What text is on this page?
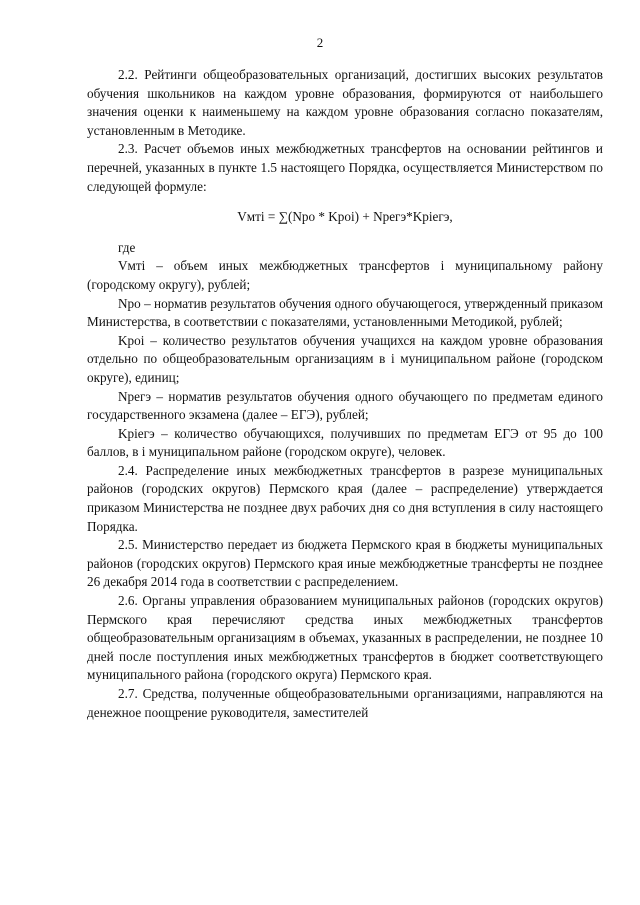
2

2.2. Рейтинги общеобразовательных организаций, достигших высоких результатов обучения школьников на каждом уровне образования, формируются от наибольшего значения оценки к наименьшему на каждом уровне образования согласно показателям, установленным в Методике.

2.3. Расчет объемов иных межбюджетных трансфертов на основании рейтингов и перечней, указанных в пункте 1.5 настоящего Порядка, осуществляется Министерством по следующей формуле:

Vмтi = ∑(Nро * Kроi) + Nрегэ*Kрiегэ,

где

Vмтi – объем иных межбюджетных трансфертов i муниципальному району (городскому округу), рублей;

Nро – норматив результатов обучения одного обучающегося, утвержденный приказом Министерства, в соответствии с показателями, установленными Методикой, рублей;

Kроi – количество результатов обучения учащихся на каждом уровне образования отдельно по общеобразовательным организациям в i муниципальном районе (городском округе), единиц;

Nрегэ – норматив результатов обучения одного обучающего по предметам единого государственного экзамена (далее – ЕГЭ), рублей;

Kрiегэ – количество обучающихся, получивших по предметам ЕГЭ от 95 до 100 баллов, в i муниципальном районе (городском округе), человек.

2.4. Распределение иных межбюджетных трансфертов в разрезе муниципальных районов (городских округов) Пермского края (далее – распределение) утверждается приказом Министерства не позднее двух рабочих дня со дня вступления в силу настоящего Порядка.

2.5. Министерство передает из бюджета Пермского края в бюджеты муниципальных районов (городских округов) Пермского края иные межбюджетные трансферты не позднее 26 декабря 2014 года в соответствии с распределением.

2.6. Органы управления образованием муниципальных районов (городских округов) Пермского края перечисляют средства иных межбюджетных трансфертов общеобразовательным организациям в объемах, указанных в распределении, не позднее 10 дней после поступления иных межбюджетных трансфертов в бюджет соответствующего муниципального района (городского округа) Пермского края.

2.7. Средства, полученные общеобразовательными организациями, направляются на денежное поощрение руководителя, заместителей
